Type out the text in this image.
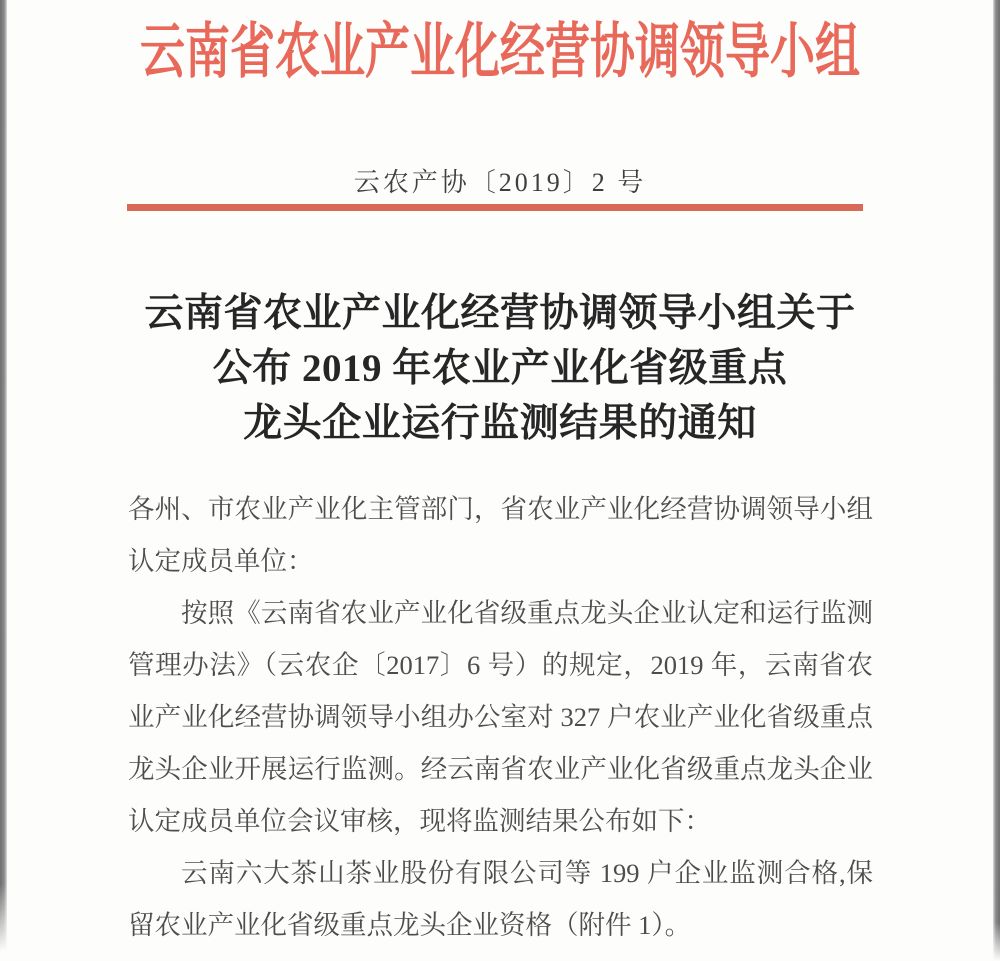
云南省农业产业化经营协调领导小组
云农产协〔2019〕2 号
云南省农业产业化经营协调领导小组关于
公布 2019 年农业产业化省级重点
龙头企业运行监测结果的通知

各州、市农业产业化主管部门，省农业产业化经营协调领导小组认定成员单位：

按照《云南省农业产业化省级重点龙头企业认定和运行监测管理办法》（云农企〔2017〕6 号）的规定，2019 年，云南省农业产业化经营协调领导小组办公室对 327 户农业产业化省级重点龙头企业开展运行监测。经云南省农业产业化省级重点龙头企业认定成员单位会议审核，现将监测结果公布如下：

云南六大茶山茶业股份有限公司等 199 户企业监测合格,保留农业产业化省级重点龙头企业资格（附件 1）。
